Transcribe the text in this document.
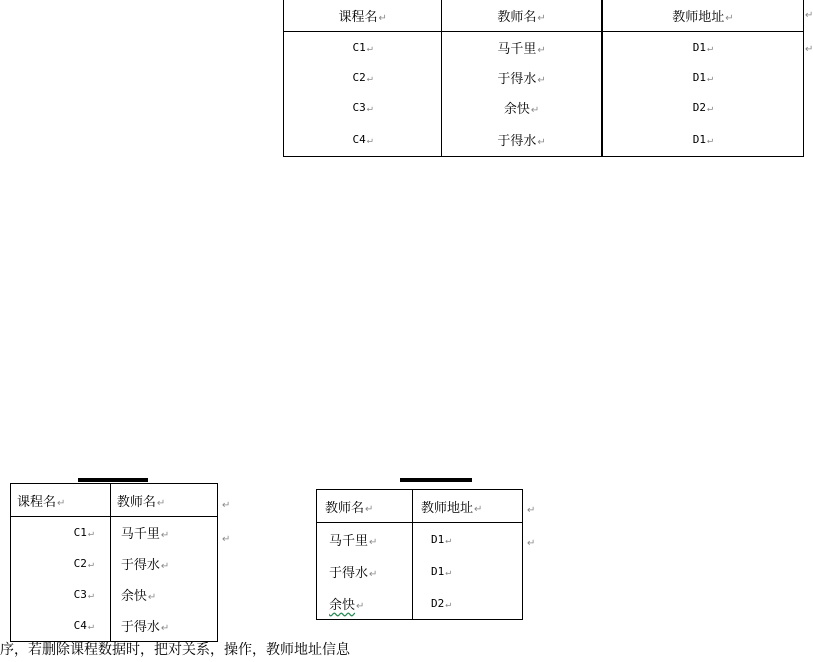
课程名↵	教师名↵	教师地址↵
C1↵	马千里↵	D1↵
C2↵	于得水↵	D1↵
C3↵	余快↵	D2↵
C4↵	于得水↵	D1↵
↵
↵
课程名↵	教师名↵
C1↵	马千里↵
C2↵	于得水↵
C3↵	余快↵
C4↵	于得水↵
↵
↵
教师名↵	教师地址↵
马千里↵	D1↵
于得水↵	D1↵
余快↵	D2↵
↵
↵
序，若删除课程数据时，把对关系，操作，教师地址信息
